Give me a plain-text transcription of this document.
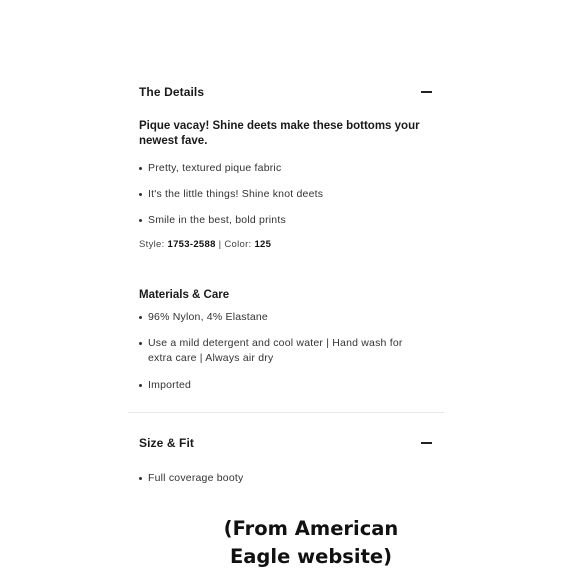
The Details
Pique vacay! Shine deets make these bottoms your newest fave.
Pretty, textured pique fabric
It's the little things! Shine knot deets
Smile in the best, bold prints
Style: 1753-2588 | Color: 125
Materials & Care
96% Nylon, 4% Elastane
Use a mild detergent and cool water | Hand wash for extra care | Always air dry
Imported
Size & Fit
Full coverage booty
(From American
Eagle website)
